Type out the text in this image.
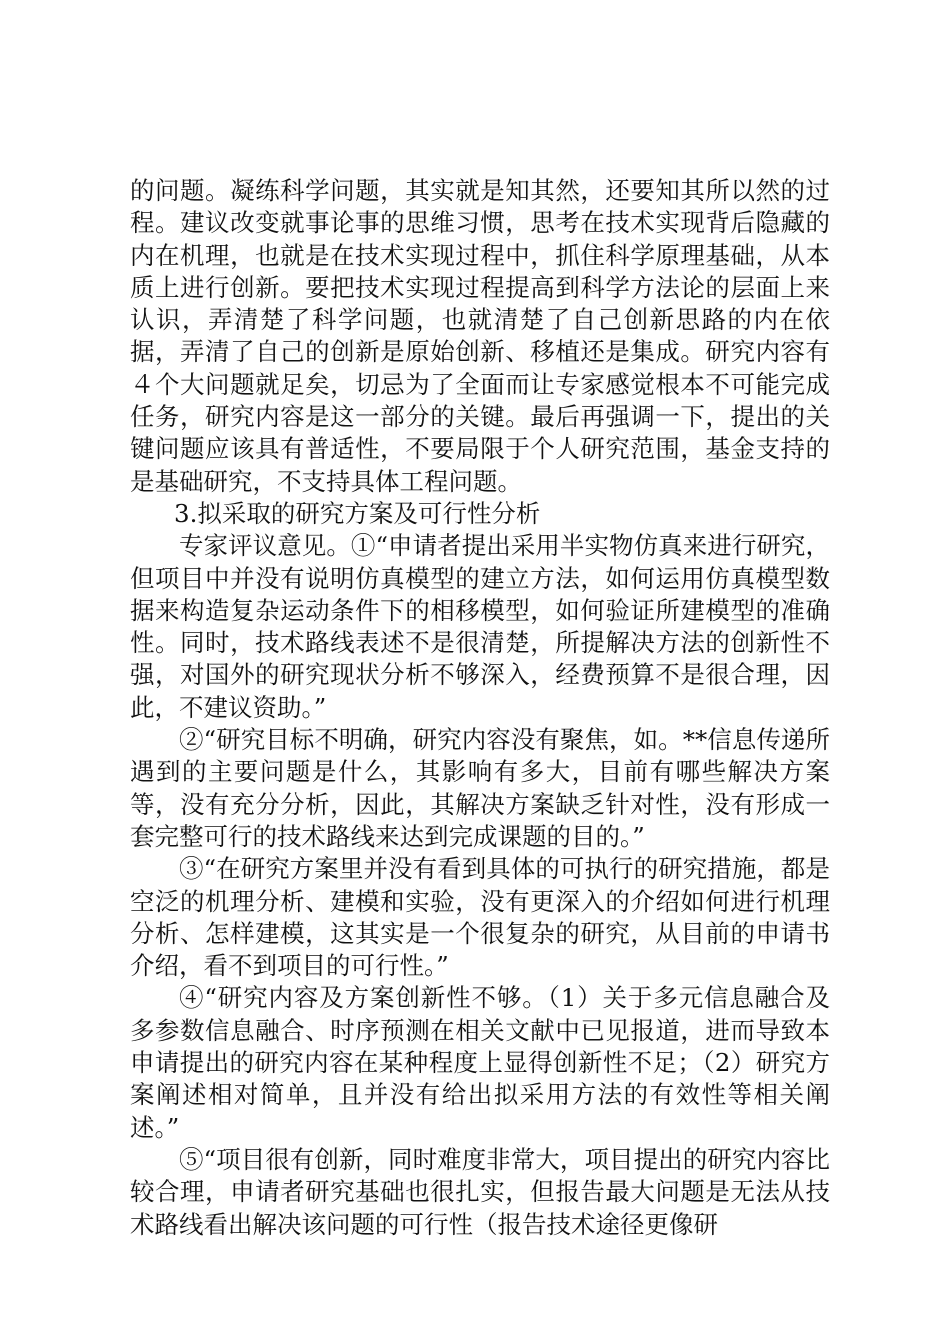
的问题。凝练科学问题，其实就是知其然，还要知其所以然的过程。建议改变就事论事的思维习惯，思考在技术实现背后隐藏的内在机理，也就是在技术实现过程中，抓住科学原理基础，从本质上进行创新。要把技术实现过程提高到科学方法论的层面上来认识，弄清楚了科学问题，也就清楚了自己创新思路的内在依据，弄清了自己的创新是原始创新、移植还是集成。研究内容有４个大问题就足矣，切忌为了全面而让专家感觉根本不可能完成任务，研究内容是这一部分的关键。最后再强调一下，提出的关键问题应该具有普适性，不要局限于个人研究范围，基金支持的是基础研究，不支持具体工程问题。

3.拟采取的研究方案及可行性分析

专家评议意见。①“申请者提出采用半实物仿真来进行研究，但项目中并没有说明仿真模型的建立方法，如何运用仿真模型数据来构造复杂运动条件下的相移模型，如何验证所建模型的准确性。同时，技术路线表述不是很清楚，所提解决方法的创新性不强，对国外的研究现状分析不够深入，经费预算不是很合理，因此，不建议资助。”

②“研究目标不明确，研究内容没有聚焦，如。**信息传递所遇到的主要问题是什么，其影响有多大，目前有哪些解决方案等，没有充分分析，因此，其解决方案缺乏针对性，没有形成一套完整可行的技术路线来达到完成课题的目的。”

③“在研究方案里并没有看到具体的可执行的研究措施，都是空泛的机理分析、建模和实验，没有更深入的介绍如何进行机理分析、怎样建模，这其实是一个很复杂的研究，从目前的申请书介绍，看不到项目的可行性。”

④“研究内容及方案创新性不够。（1）关于多元信息融合及多参数信息融合、时序预测在相关文献中已见报道，进而导致本申请提出的研究内容在某种程度上显得创新性不足；（2）研究方案阐述相对简单，且并没有给出拟采用方法的有效性等相关阐述。”

⑤“项目很有创新，同时难度非常大，项目提出的研究内容比较合理，申请者研究基础也很扎实，但报告最大问题是无法从技术路线看出解决该问题的可行性（报告技术途径更像研
